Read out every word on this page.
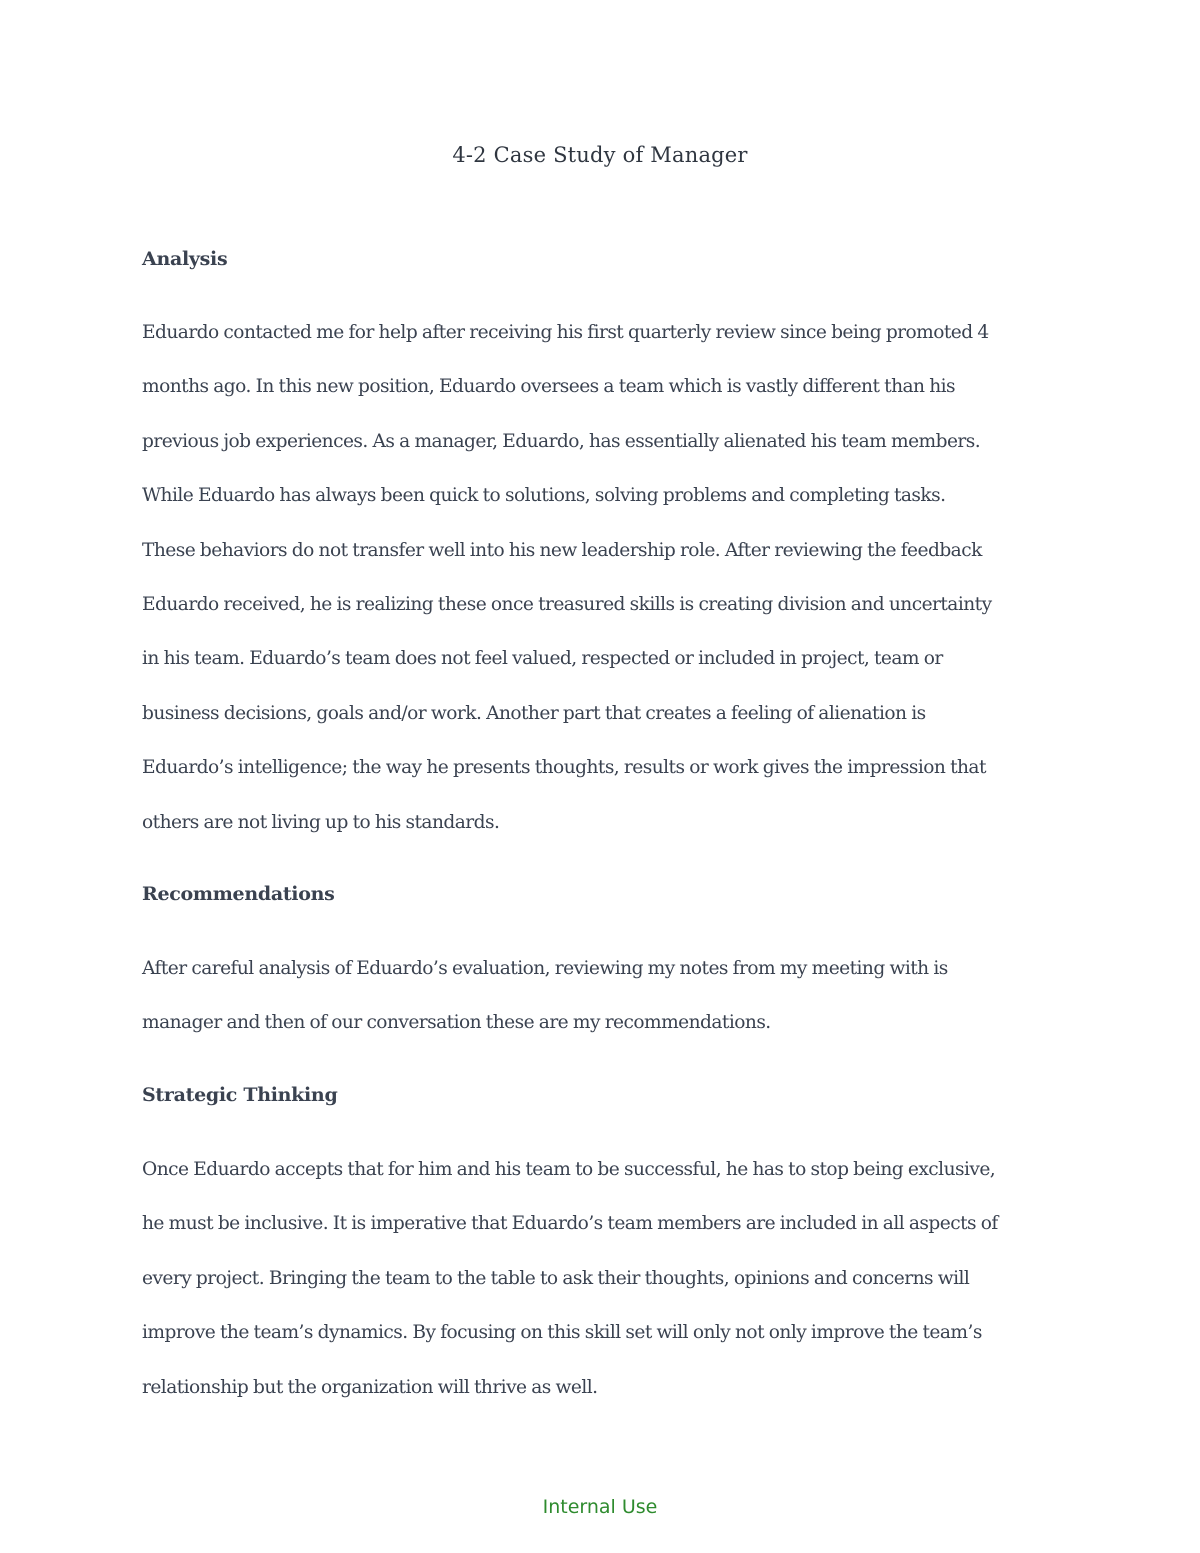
4-2 Case Study of Manager
Analysis
Eduardo contacted me for help after receiving his first quarterly review since being promoted 4
months ago. In this new position, Eduardo oversees a team which is vastly different than his
previous job experiences. As a manager, Eduardo, has essentially alienated his team members.
While Eduardo has always been quick to solutions, solving problems and completing tasks.
These behaviors do not transfer well into his new leadership role. After reviewing the feedback
Eduardo received, he is realizing these once treasured skills is creating division and uncertainty
in his team. Eduardo’s team does not feel valued, respected or included in project, team or
business decisions, goals and/or work. Another part that creates a feeling of alienation is
Eduardo’s intelligence; the way he presents thoughts, results or work gives the impression that
others are not living up to his standards.
Recommendations
After careful analysis of Eduardo’s evaluation, reviewing my notes from my meeting with is
manager and then of our conversation these are my recommendations.
Strategic Thinking
Once Eduardo accepts that for him and his team to be successful, he has to stop being exclusive,
he must be inclusive. It is imperative that Eduardo’s team members are included in all aspects of
every project. Bringing the team to the table to ask their thoughts, opinions and concerns will
improve the team’s dynamics. By focusing on this skill set will only not only improve the team’s
relationship but the organization will thrive as well.
Internal Use
